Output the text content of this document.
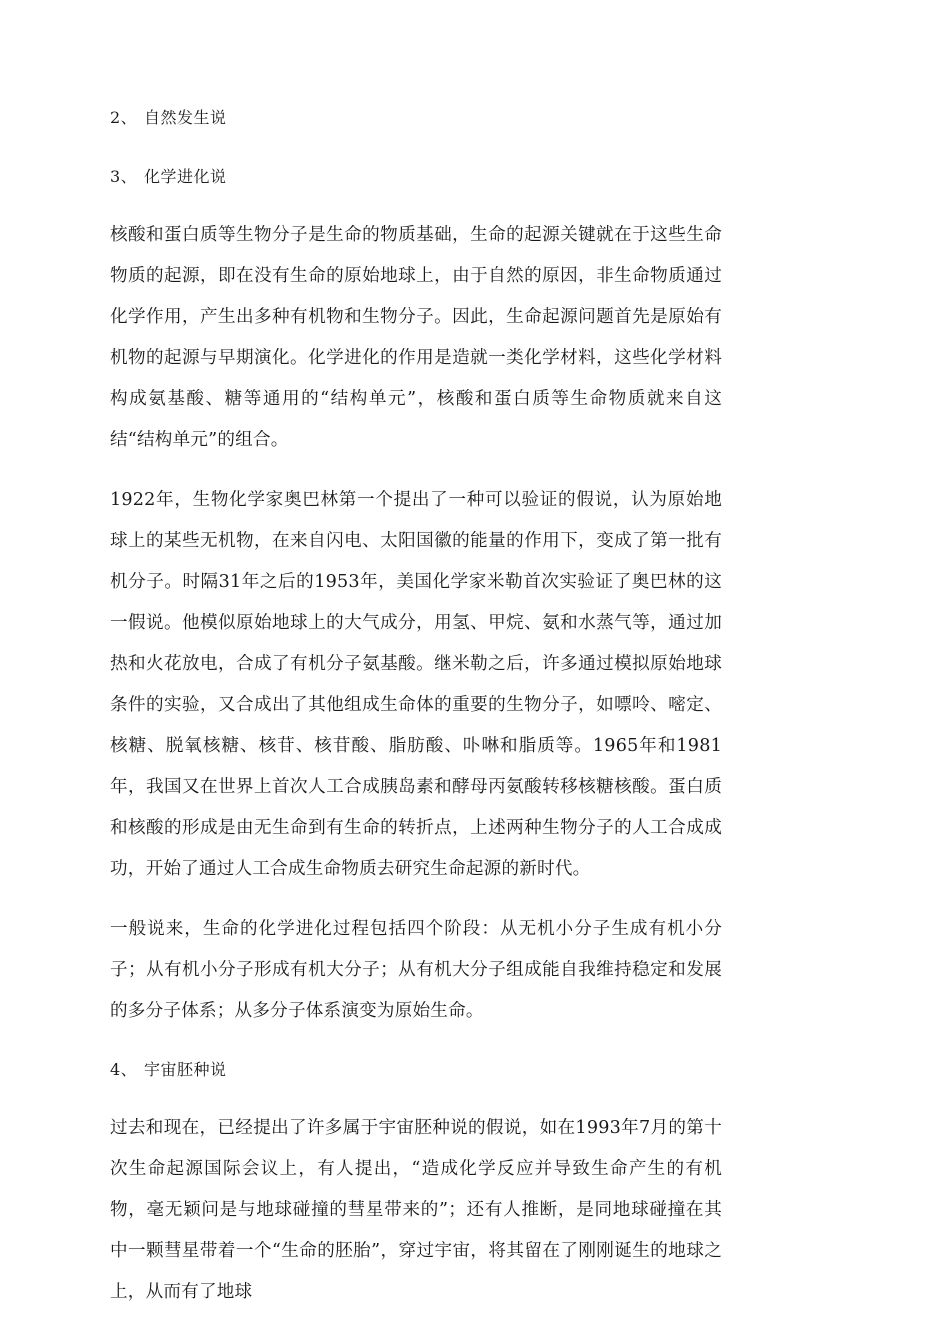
2、 自然发生说
3、 化学进化说

核酸和蛋白质等生物分子是生命的物质基础，生命的起源关键就在于这些生命物质的起源，即在没有生命的原始地球上，由于自然的原因，非生命物质通过化学作用，产生出多种有机物和生物分子。因此，生命起源问题首先是原始有机物的起源与早期演化。化学进化的作用是造就一类化学材料，这些化学材料构成氨基酸、糖等通用的“结构单元”，核酸和蛋白质等生命物质就来自这结“结构单元”的组合。

1922年，生物化学家奥巴林第一个提出了一种可以验证的假说，认为原始地球上的某些无机物，在来自闪电、太阳国徽的能量的作用下，变成了第一批有机分子。时隔31年之后的1953年，美国化学家米勒首次实验证了奥巴林的这一假说。他模似原始地球上的大气成分，用氢、甲烷、氨和水蒸气等，通过加热和火花放电，合成了有机分子氨基酸。继米勒之后，许多通过模拟原始地球条件的实验，又合成出了其他组成生命体的重要的生物分子，如嘌呤、嘧定、核糖、脱氧核糖、核苷、核苷酸、脂肪酸、卟啉和脂质等。1965年和1981年，我国又在世界上首次人工合成胰岛素和酵母丙氨酸转移核糖核酸。蛋白质和核酸的形成是由无生命到有生命的转折点，上述两种生物分子的人工合成成功，开始了通过人工合成生命物质去研究生命起源的新时代。

一般说来，生命的化学进化过程包括四个阶段：从无机小分子生成有机小分子；从有机小分子形成有机大分子；从有机大分子组成能自我维持稳定和发展的多分子体系；从多分子体系演变为原始生命。

4、 宇宙胚种说

过去和现在，已经提出了许多属于宇宙胚种说的假说，如在1993年7月的第十次生命起源国际会议上，有人提出，“造成化学反应并导致生命产生的有机物，毫无颖问是与地球碰撞的彗星带来的”；还有人推断，是同地球碰撞在其中一颗彗星带着一个“生命的胚胎”，穿过宇宙，将其留在了刚刚诞生的地球之上，从而有了地球
